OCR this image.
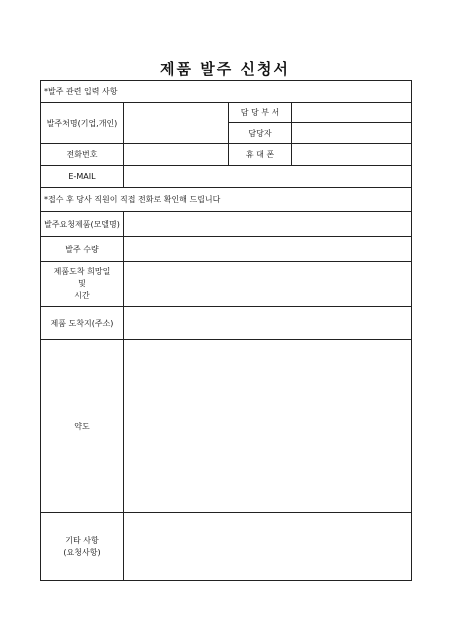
제품 발주 신청서
*발주 관련 입력 사항			
발주처명(기업,개인)		담 당 부 서	
		담당자	
전화번호		휴 대 폰	
E-MAIL			
*접수 후 당사 직원이 직접 전화로 확인해 드립니다			
발주요청제품(모델명)			
발주 수량			

제품도착 희망일
및
시간			

제품 도착지(주소)			
약도			

기타 사항
(요청사항)			
